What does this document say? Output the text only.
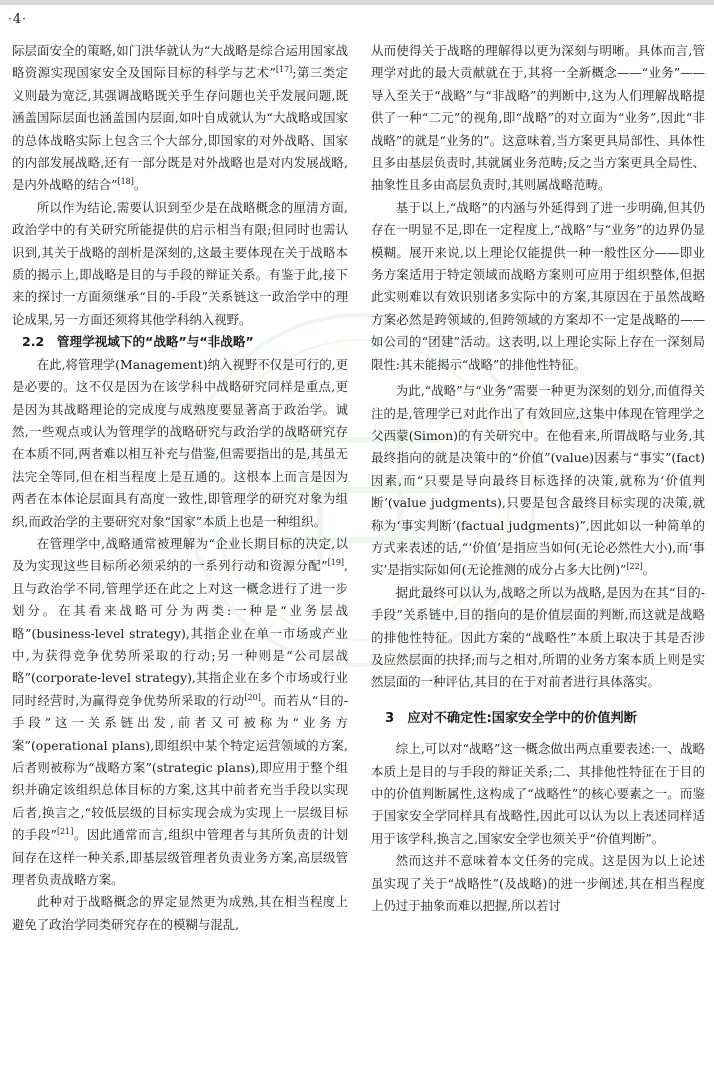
·4·

际层面安全的策略,如门洪华就认为“大战略是综合运用国家战略资源实现国家安全及国际目标的科学与艺术”[17];第三类定义则最为宽泛,其强调战略既关乎生存问题也关乎发展问题,既涵盖国际层面也涵盖国内层面,如叶自成就认为“大战略或国家的总体战略实际上包含三个大部分,即国家的对外战略、国家的内部发展战略,还有一部分既是对外战略也是对内发展战略,是内外战略的结合”[18]。

所以作为结论,需要认识到至少是在战略概念的厘清方面,政治学中的有关研究所能提供的启示相当有限;但同时也需认识到,其关于战略的剖析是深刻的,这最主要体现在关于战略本质的揭示上,即战略是目的与手段的辩证关系。有鉴于此,接下来的探讨一方面须继承“目的-手段”关系链这一政治学中的理论成果,另一方面还须将其他学科纳入视野。

2.2　管理学视域下的“战略”与“非战略”

在此,将管理学(Management)纳入视野不仅是可行的,更是必要的。这不仅是因为在该学科中战略研究同样是重点,更是因为其战略理论的完成度与成熟度要显著高于政治学。诚然,一些观点或认为管理学的战略研究与政治学的战略研究存在本质不同,两者难以相互补充与借鉴,但需要指出的是,其虽无法完全等同,但在相当程度上是互通的。这根本上而言是因为两者在本体论层面具有高度一致性,即管理学的研究对象为组织,而政治学的主要研究对象“国家”本质上也是一种组织。

在管理学中,战略通常被理解为“企业长期目标的决定,以及为实现这些目标所必须采纳的一系列行动和资源分配”[19],且与政治学不同,管理学还在此之上对这一概念进行了进一步划分。在其看来战略可分为两类:一种是“业务层战略”(business-level strategy),其指企业在单一市场或产业中,为获得竞争优势所采取的行动;另一种则是“公司层战略”(corporate-level strategy),其指企业在多个市场或行业同时经营时,为赢得竞争优势所采取的行动[20]。而若从“目的-手段”这一关系链出发,前者又可被称为“业务方案”(operational plans),即组织中某个特定运营领域的方案,后者则被称为“战略方案”(strategic plans),即应用于整个组织并确定该组织总体目标的方案,这其中前者充当手段以实现后者,换言之,“较低层级的目标实现会成为实现上一层级目标的手段”[21]。因此通常而言,组织中管理者与其所负责的计划间存在这样一种关系,即基层级管理者负责业务方案,高层级管理者负责战略方案。

此种对于战略概念的界定显然更为成熟,其在相当程度上避免了政治学同类研究存在的模糊与混乱,

从而使得关于战略的理解得以更为深刻与明晰。具体而言,管理学对此的最大贡献就在于,其将一全新概念——“业务”——导入至关于“战略”与“非战略”的判断中,这为人们理解战略提供了一种“二元”的视角,即“战略”的对立面为“业务”,因此“非战略”的就是“业务的”。这意味着,当方案更具局部性、具体性且多由基层负责时,其就属业务范畴;反之当方案更具全局性、抽象性且多由高层负责时,其则属战略范畴。

基于以上,“战略”的内涵与外延得到了进一步明确,但其仍存在一明显不足,即在一定程度上,“战略”与“业务”的边界仍显模糊。展开来说,以上理论仅能提供一种一般性区分——即业务方案适用于特定领域而战略方案则可应用于组织整体,但据此实则难以有效识别诸多实际中的方案,其原因在于虽然战略方案必然是跨领域的,但跨领域的方案却不一定是战略的——如公司的“团建”活动。这表明,以上理论实际上存在一深刻局限性:其未能揭示“战略”的排他性特征。

为此,“战略”与“业务”需要一种更为深刻的划分,而值得关注的是,管理学已对此作出了有效回应,这集中体现在管理学之父西蒙(Simon)的有关研究中。在他看来,所谓战略与业务,其最终指向的就是决策中的“价值”(value)因素与“事实”(fact)因素,而“只要是导向最终目标选择的决策,就称为‘价值判断’(value judgments),只要是包含最终目标实现的决策,就称为‘事实判断’(factual judgments)”,因此如以一种简单的方式来表述的话,“‘价值’是指应当如何(无论必然性大小),而‘事实’是指实际如何(无论推测的成分占多大比例)”[22]。

据此最终可以认为,战略之所以为战略,是因为在其“目的-手段”关系链中,目的指向的是价值层面的判断,而这就是战略的排他性特征。因此方案的“战略性”本质上取决于其是否涉及应然层面的抉择;而与之相对,所谓的业务方案本质上则是实然层面的一种评估,其目的在于对前者进行具体落实。

3　应对不确定性:国家安全学中的价值判断

综上,可以对“战略”这一概念做出两点重要表述:一、战略本质上是目的与手段的辩证关系;二、其排他性特征在于目的中的价值判断属性,这构成了“战略性”的核心要素之一。而鉴于国家安全学同样具有战略性,因此可以认为以上表述同样适用于该学科,换言之,国家安全学也须关乎“价值判断”。

然而这并不意味着本文任务的完成。这是因为以上论述虽实现了关于“战略性”(及战略)的进一步阐述,其在相当程度上仍过于抽象而难以把握,所以若讨
